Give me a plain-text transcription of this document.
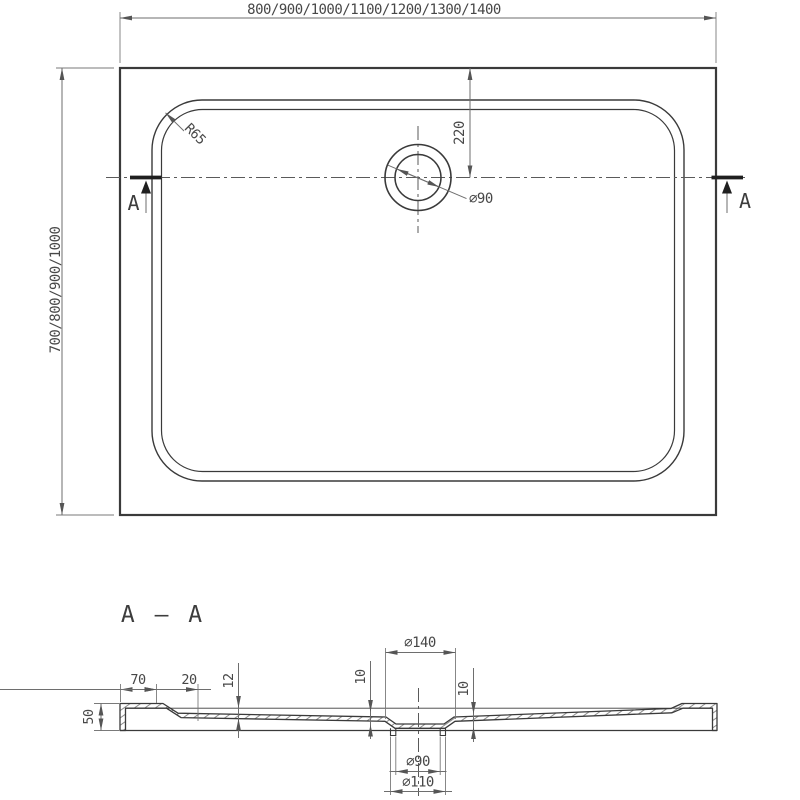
800/900/1000/1100/1200/1300/1400
700/800/900/1000
220
⌀90
R65
A	A
A – A
70	20 12	10
10
50
⌀140
⌀90
⌀110
